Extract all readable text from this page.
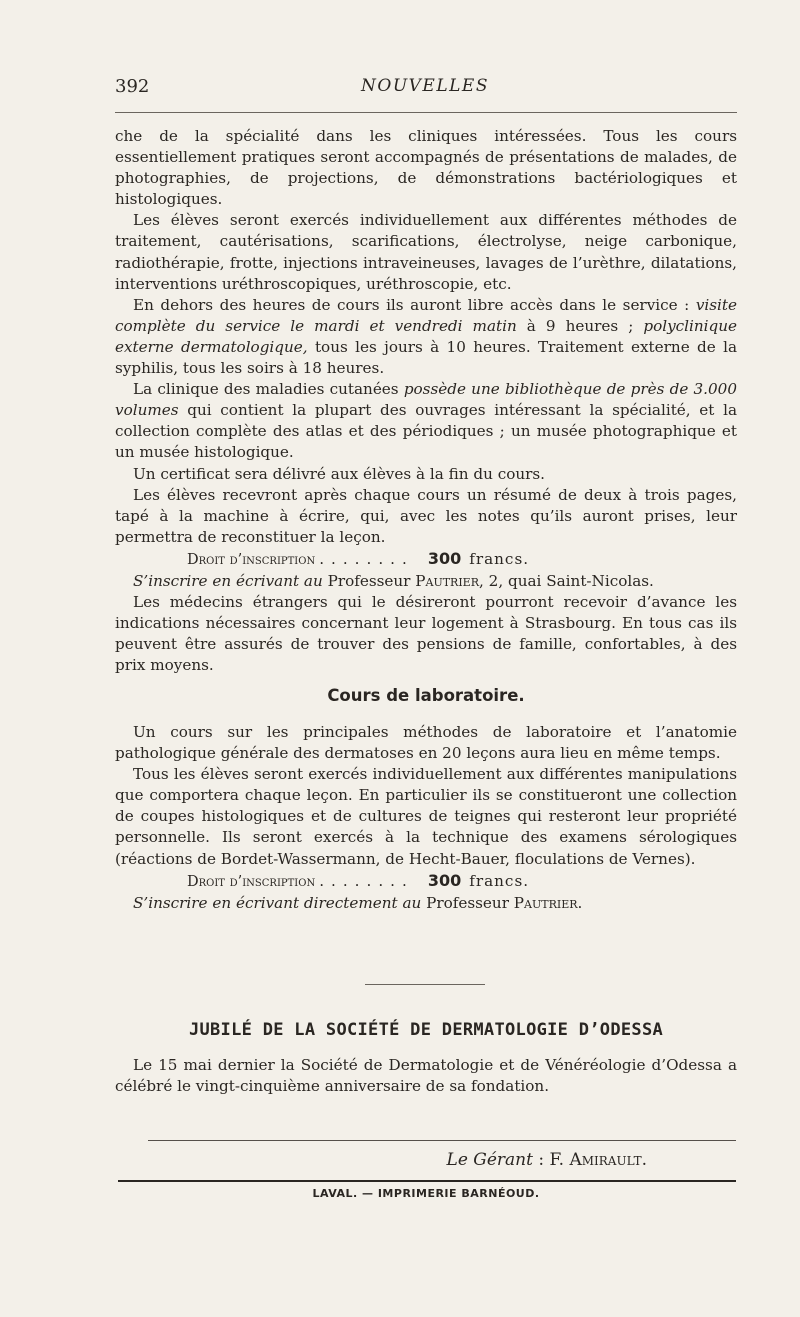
392	NOUVELLES

che de la spécialité dans les cliniques intéressées. Tous les cours essentiellement pratiques seront accompagnés de présentations de malades, de photographies, de projections, de démonstrations bactériologiques et histologiques.

Les élèves seront exercés individuellement aux différentes méthodes de traitement, cautérisations, scarifications, électrolyse, neige carbonique, radiothérapie, frotte, injections intraveineuses, lavages de l’urèthre, dilatations, interventions uréthroscopiques, uréthroscopie, etc.

En dehors des heures de cours ils auront libre accès dans le service : visite complète du service le mardi et vendredi matin à 9 heures ; polyclinique externe dermatologique, tous les jours à 10 heures. Traitement externe de la syphilis, tous les soirs à 18 heures.

La clinique des maladies cutanées possède une bibliothèque de près de 3.000 volumes qui contient la plupart des ouvrages intéressant la spécialité, et la collection complète des atlas et des périodiques ; un musée photographique et un musée histologique.

Un certificat sera délivré aux élèves à la fin du cours.

Les élèves recevront après chaque cours un résumé de deux à trois pages, tapé à la machine à écrire, qui, avec les notes qu’ils auront prises, leur permettra de reconstituer la leçon.

Droit d’inscription ........ 300 francs.

S’inscrire en écrivant au Professeur Pautrier, 2, quai Saint-Nicolas.

Les médecins étrangers qui le désireront pourront recevoir d’avance les indications nécessaires concernant leur logement à Strasbourg. En tous cas ils peuvent être assurés de trouver des pensions de famille, confortables, à des prix moyens.

Cours de laboratoire.

Un cours sur les principales méthodes de laboratoire et l’anatomie pathologique générale des dermatoses en 20 leçons aura lieu en même temps.

Tous les élèves seront exercés individuellement aux différentes manipulations que comportera chaque leçon. En particulier ils se constitueront une collection de coupes histologiques et de cultures de teignes qui resteront leur propriété personnelle. Ils seront exercés à la technique des examens sérologiques (réactions de Bordet-Wassermann, de Hecht-Bauer, floculations de Vernes).

Droit d’inscription ........ 300 francs.

S’inscrire en écrivant directement au Professeur Pautrier.

JUBILÉ DE LA SOCIÉTÉ DE DERMATOLOGIE D’ODESSA

Le 15 mai dernier la Société de Dermatologie et de Vénéréologie d’Odessa a célébré le vingt-cinquième anniversaire de sa fondation.

Le Gérant : F. Amirault.
LAVAL. — IMPRIMERIE BARNÉOUD.
